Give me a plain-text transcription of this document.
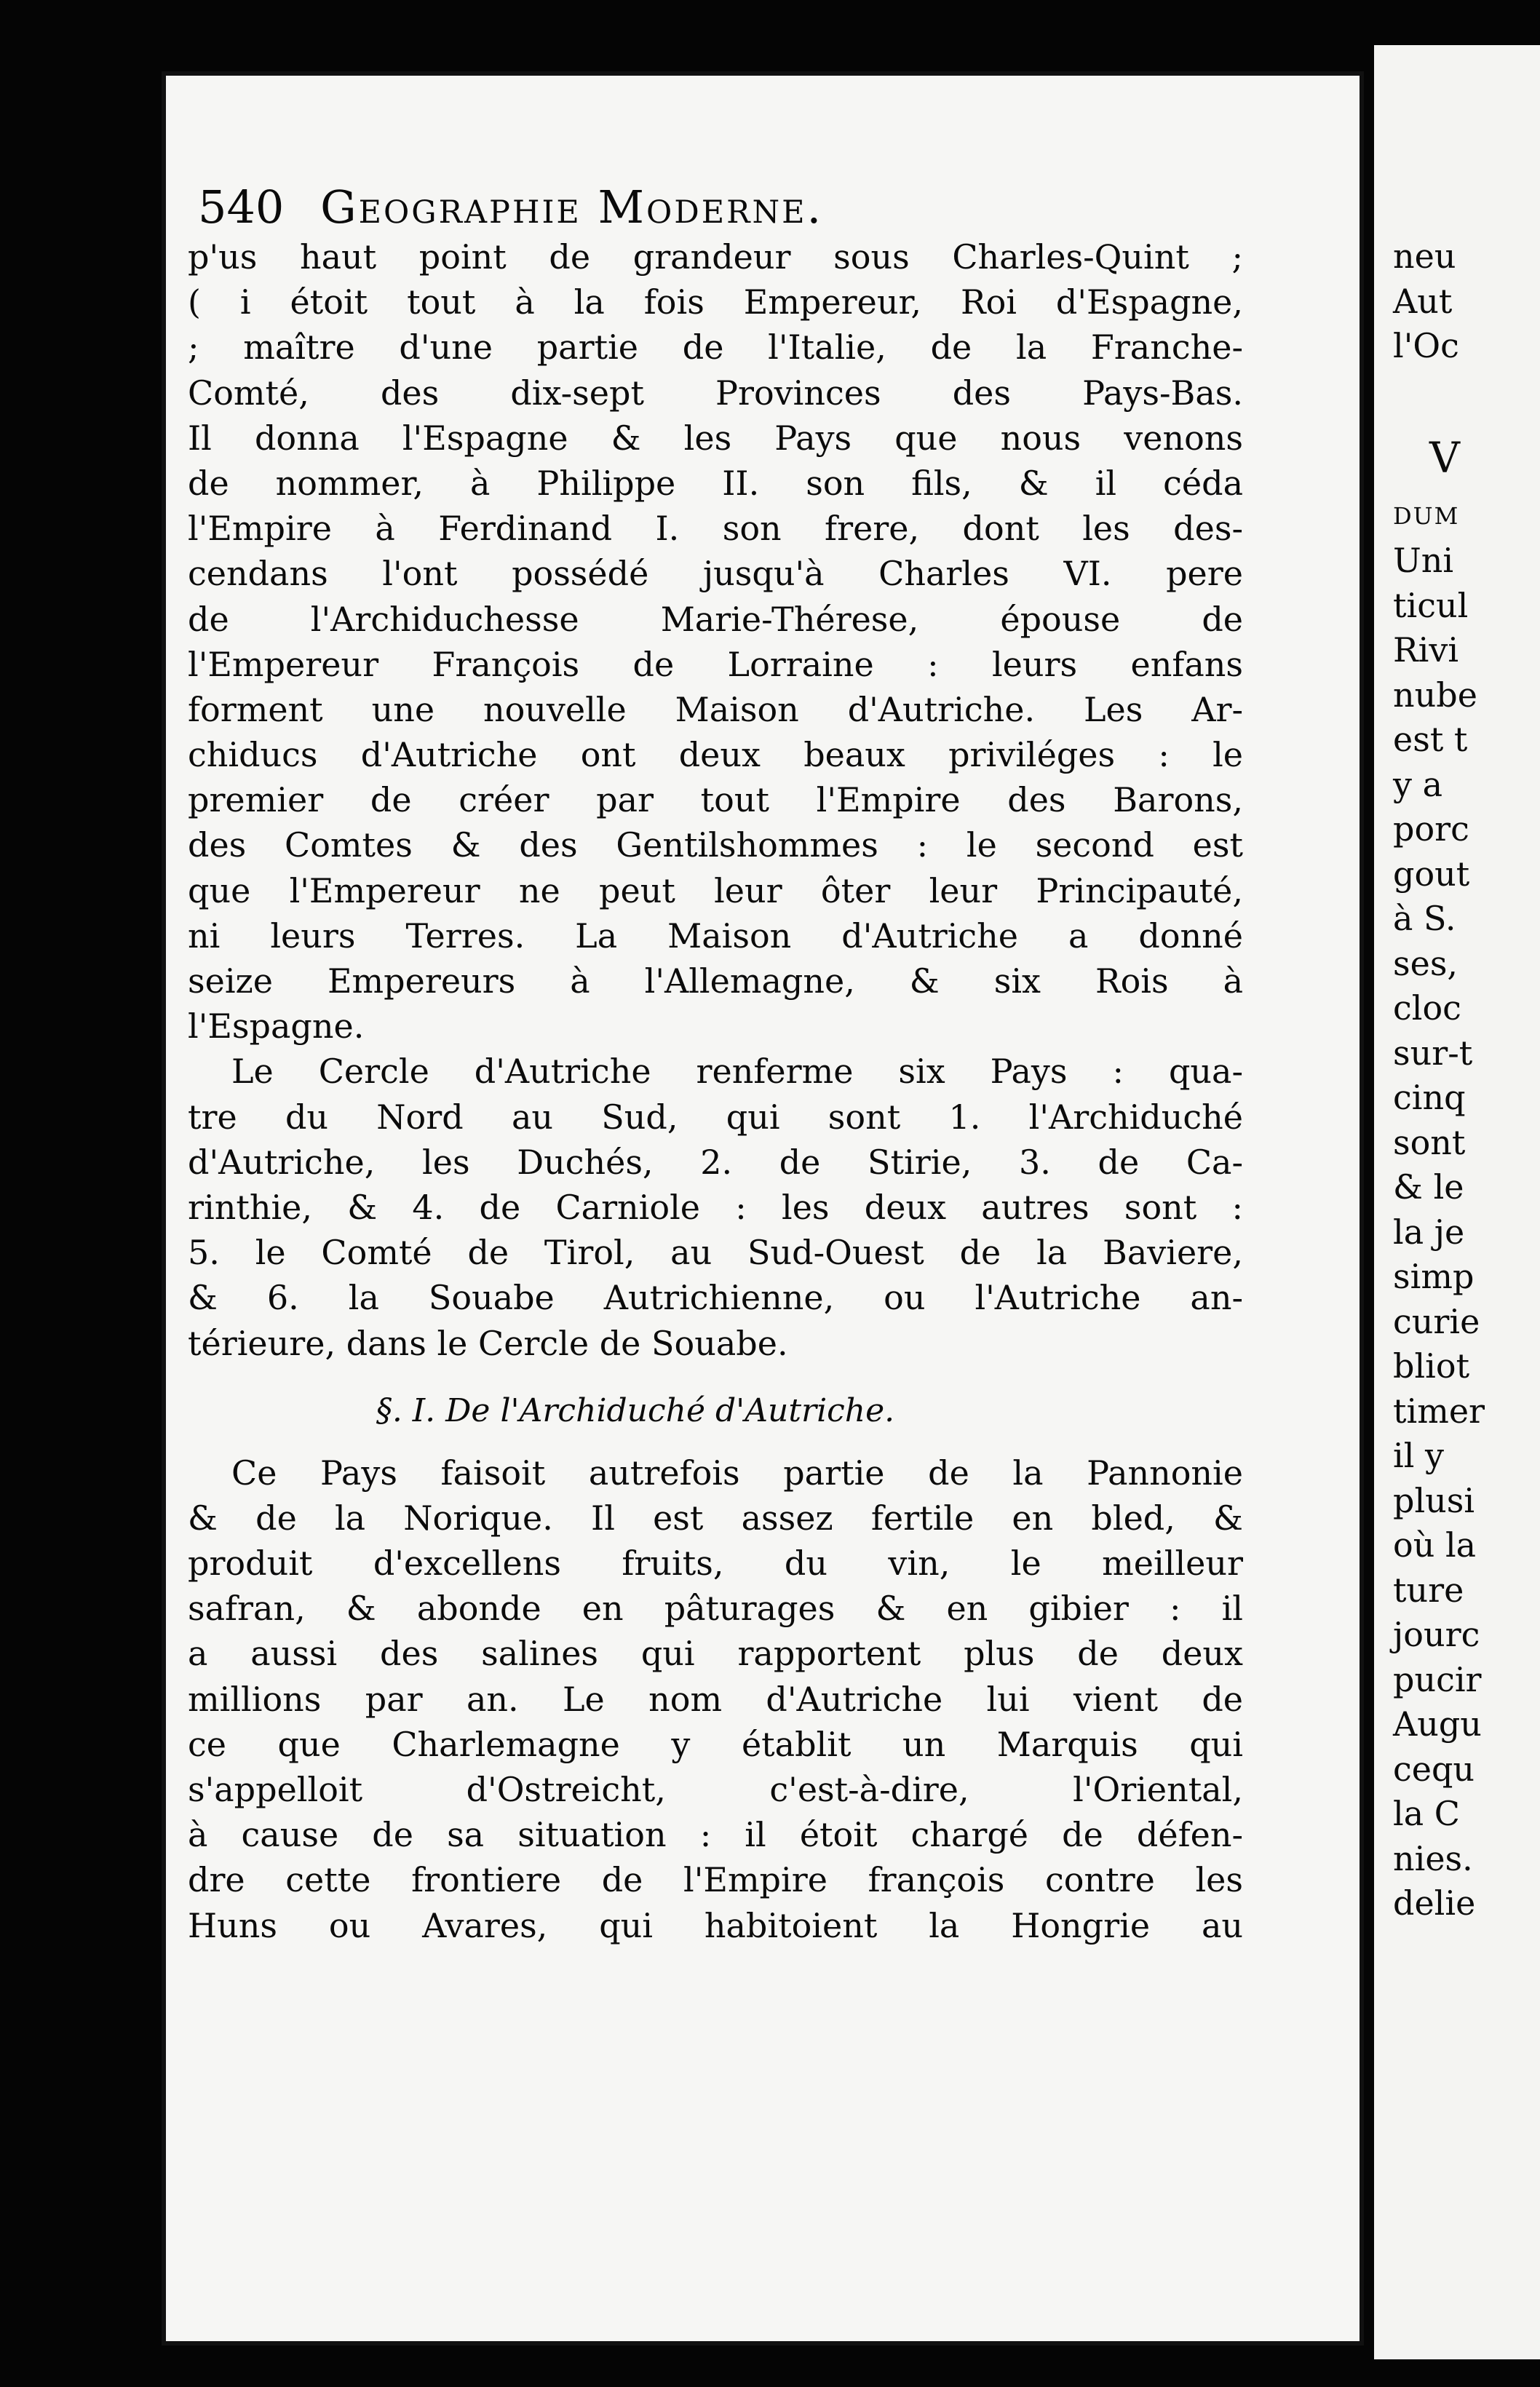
neu
Aut
l'Oc
V
DUM
Uni
ticul
Rivi
nube
est t
y a
porc
gout
à S.
ses,
cloc
sur-t
cinq
sont
& le
la je
simp
curie
bliot
timer
il y
plusi
où la
ture
jourc
pucir
Augu
cequ
la C
nies.
delie
540 Geographie Moderne.
p'us haut point de grandeur sous Charles-Quint ;
( i étoit tout à la fois Empereur, Roi d'Espagne,
; maître d'une partie de l'Italie, de la Franche-
Comté, des dix-sept Provinces des Pays-Bas.
Il donna l'Espagne & les Pays que nous venons
de nommer, à Philippe II. son fils, & il céda
l'Empire à Ferdinand I. son frere, dont les des-
cendans l'ont possédé jusqu'à Charles VI. pere
de l'Archiduchesse Marie-Thérese, épouse de
l'Empereur François de Lorraine : leurs enfans
forment une nouvelle Maison d'Autriche. Les Ar-
chiducs d'Autriche ont deux beaux priviléges : le
premier de créer par tout l'Empire des Barons,
des Comtes & des Gentilshommes : le second est
que l'Empereur ne peut leur ôter leur Principauté,
ni leurs Terres. La Maison d'Autriche a donné
seize Empereurs à l'Allemagne, & six Rois à
l'Espagne.
Le Cercle d'Autriche renferme six Pays : qua-
tre du Nord au Sud, qui sont 1. l'Archiduché
d'Autriche, les Duchés, 2. de Stirie, 3. de Ca-
rinthie, & 4. de Carniole : les deux autres sont :
5. le Comté de Tirol, au Sud-Ouest de la Baviere,
& 6. la Souabe Autrichienne, ou l'Autriche an-
térieure, dans le Cercle de Souabe.
§. I. De l'Archiduché d'Autriche.
Ce Pays faisoit autrefois partie de la Pannonie
& de la Norique. Il est assez fertile en bled, &
produit d'excellens fruits, du vin, le meilleur
safran, & abonde en pâturages & en gibier : il
a aussi des salines qui rapportent plus de deux
millions par an. Le nom d'Autriche lui vient de
ce que Charlemagne y établit un Marquis qui
s'appelloit d'Ostreicht, c'est-à-dire, l'Oriental,
à cause de sa situation : il étoit chargé de défen-
dre cette frontiere de l'Empire françois contre les
Huns ou Avares, qui habitoient la Hongrie au
